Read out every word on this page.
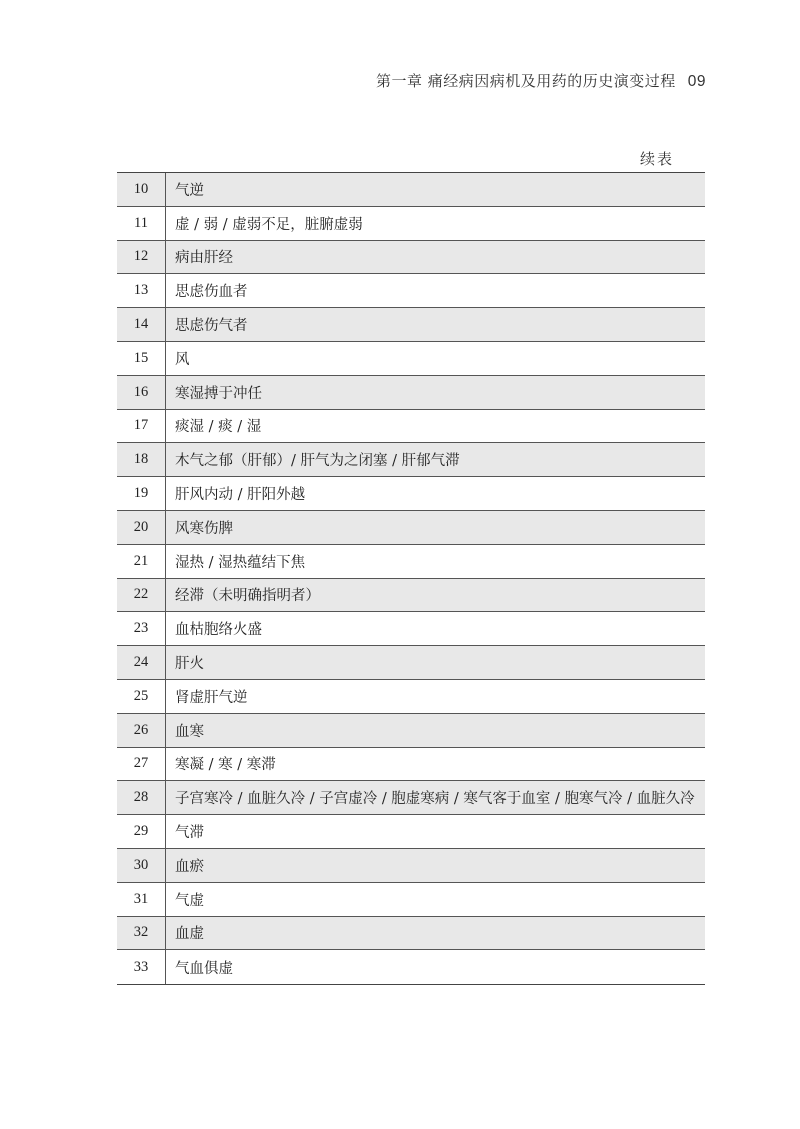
第一章 痛经病因病机及用药的历史演变过程 09
续表
10	气逆
11	虚 / 弱 / 虚弱不足，脏腑虚弱
12	病由肝经
13	思虑伤血者
14	思虑伤气者
15	风
16	寒湿搏于冲任
17	痰湿 / 痰 / 湿
18	木气之郁（肝郁）/ 肝气为之闭塞 / 肝郁气滞
19	肝风内动 / 肝阳外越
20	风寒伤脾
21	湿热 / 湿热蕴结下焦
22	经滞（未明确指明者）
23	血枯胞络火盛
24	肝火
25	肾虚肝气逆
26	血寒
27	寒凝 / 寒 / 寒滞
28	子宫寒冷 / 血脏久冷 / 子宫虚冷 / 胞虚寒病 / 寒气客于血室 / 胞寒气冷 / 血脏久冷
29	气滞
30	血瘀
31	气虚
32	血虚
33	气血俱虚
